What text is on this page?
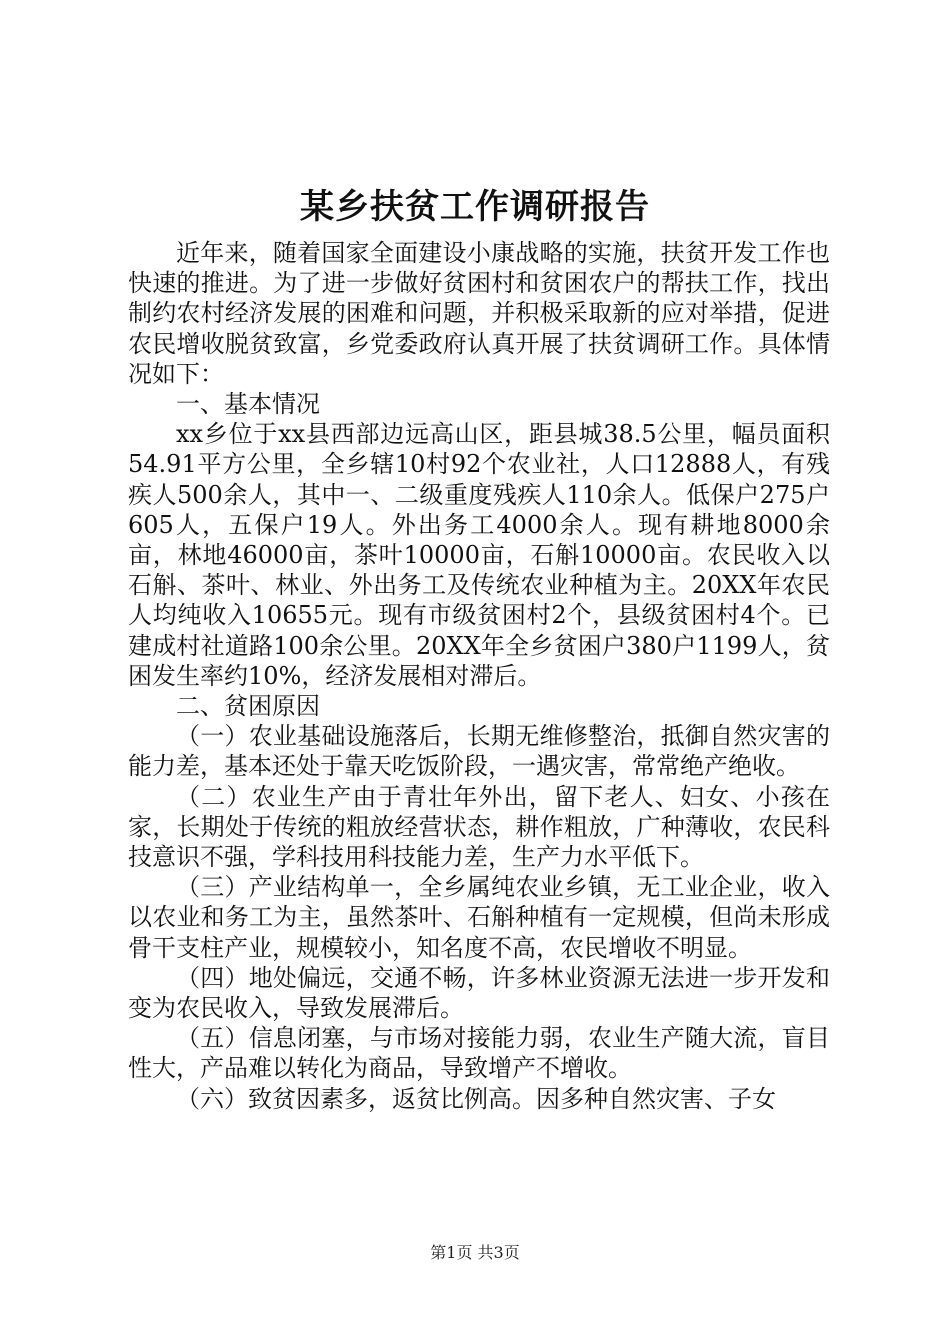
某乡扶贫工作调研报告

近年来，随着国家全面建设小康战略的实施，扶贫开发工作也快速的推进。为了进一步做好贫困村和贫困农户的帮扶工作，找出制约农村经济发展的困难和问题，并积极采取新的应对举措，促进农民增收脱贫致富，乡党委政府认真开展了扶贫调研工作。具体情况如下：

一、基本情况

xx乡位于xx县西部边远高山区，距县城38.5公里，幅员面积54.91平方公里，全乡辖10村92个农业社，人口12888人，有残疾人500余人，其中一、二级重度残疾人110余人。低保户275户605人，五保户19人。外出务工4000余人。现有耕地8000余亩，林地46000亩，茶叶10000亩，石斛10000亩。农民收入以石斛、茶叶、林业、外出务工及传统农业种植为主。20XX年农民人均纯收入10655元。现有市级贫困村2个，县级贫困村4个。已建成村社道路100余公里。20XX年全乡贫困户380户1199人，贫困发生率约10%，经济发展相对滞后。

二、贫困原因

（一）农业基础设施落后，长期无维修整治，抵御自然灾害的能力差，基本还处于靠天吃饭阶段，一遇灾害，常常绝产绝收。

（二）农业生产由于青壮年外出，留下老人、妇女、小孩在家，长期处于传统的粗放经营状态，耕作粗放，广种薄收，农民科技意识不强，学科技用科技能力差，生产力水平低下。

（三）产业结构单一，全乡属纯农业乡镇，无工业企业，收入以农业和务工为主，虽然茶叶、石斛种植有一定规模，但尚未形成骨干支柱产业，规模较小，知名度不高，农民增收不明显。

（四）地处偏远，交通不畅，许多林业资源无法进一步开发和变为农民收入，导致发展滞后。

（五）信息闭塞，与市场对接能力弱，农业生产随大流，盲目性大，产品难以转化为商品，导致增产不增收。

（六）致贫因素多，返贫比例高。因多种自然灾害、子女

第1页 共3页
